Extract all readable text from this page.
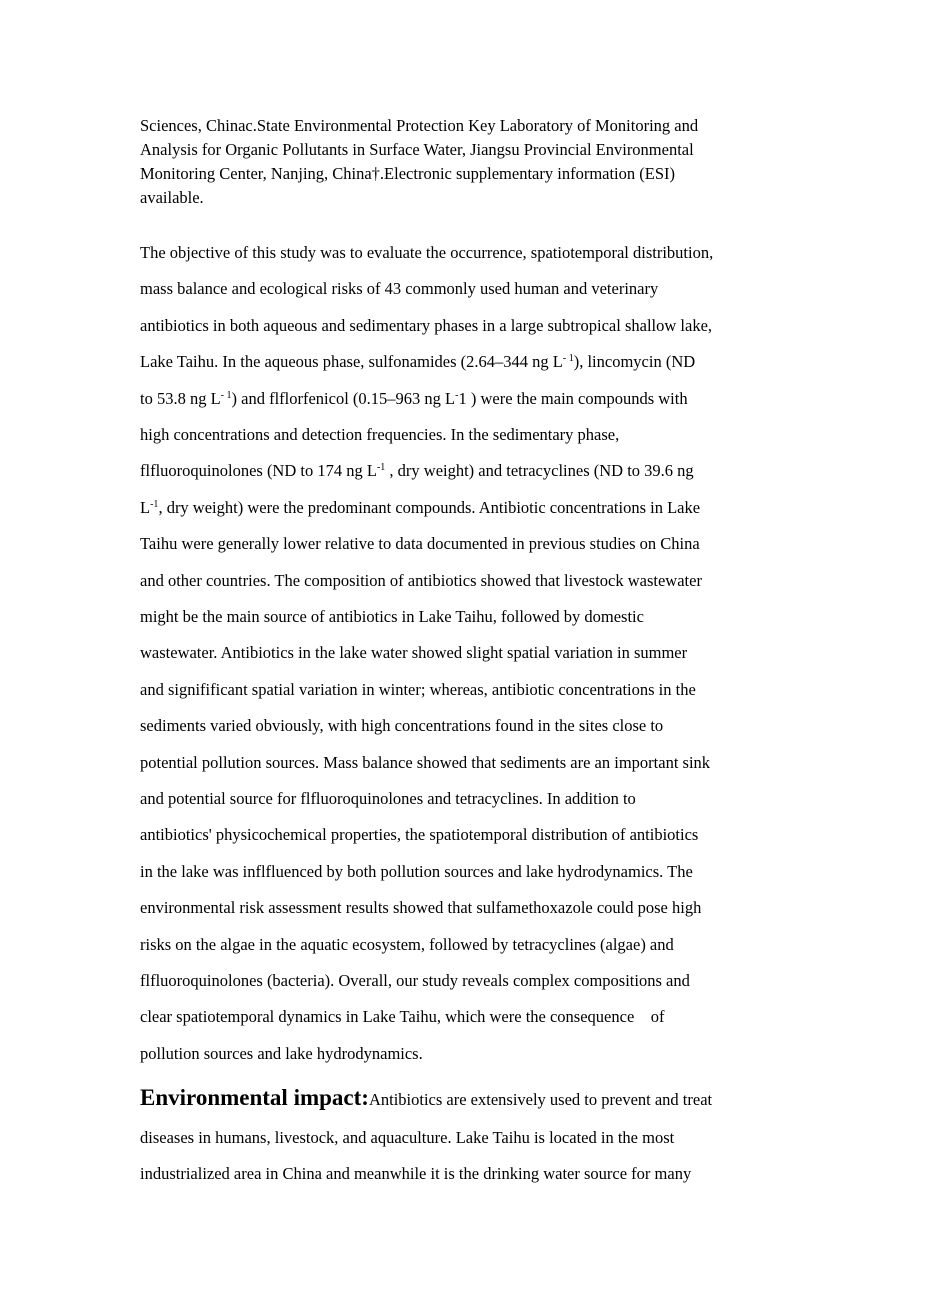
Sciences, Chinac.State Environmental Protection Key Laboratory of Monitoring and
Analysis for Organic Pollutants in Surface Water, Jiangsu Provincial Environmental
Monitoring Center, Nanjing, China†.Electronic supplementary information (ESI)
available.
The objective of this study was to evaluate the occurrence, spatiotemporal distribution,
mass balance and ecological risks of 43 commonly used human and veterinary
antibiotics in both aqueous and sedimentary phases in a large subtropical shallow lake,
Lake Taihu. In the aqueous phase, sulfonamides (2.64–344 ng $L^{- 1}$), lincomycin (ND
to 53.8 ng $L^{- 1}$) and flflorfenicol (0.15–963 ng L-1 ) were the main compounds with
high concentrations and detection frequencies. In the sedimentary phase,
flfluoroquinolones (ND to 174 ng $L^{-1}$ , dry weight) and tetracyclines (ND to 39.6 ng
$L^{-1}$, dry weight) were the predominant compounds. Antibiotic concentrations in Lake
Taihu were generally lower relative to data documented in previous studies on China
and other countries. The composition of antibiotics showed that livestock wastewater
might be the main source of antibiotics in Lake Taihu, followed by domestic
wastewater. Antibiotics in the lake water showed slight spatial variation in summer
and signifificant spatial variation in winter; whereas, antibiotic concentrations in the
sediments varied obviously, with high concentrations found in the sites close to
potential pollution sources. Mass balance showed that sediments are an important sink
and potential source for flfluoroquinolones and tetracyclines. In addition to
antibiotics' physicochemical properties, the spatiotemporal distribution of antibiotics
in the lake was inflfluenced by both pollution sources and lake hydrodynamics. The
environmental risk assessment results showed that sulfamethoxazole could pose high
risks on the algae in the aquatic ecosystem, followed by tetracyclines (algae) and
flfluoroquinolones (bacteria). Overall, our study reveals complex compositions and
clear spatiotemporal dynamics in Lake Taihu, which were the consequence    of
pollution sources and lake hydrodynamics.
Environmental impact:Antibiotics are extensively used to prevent and treat
diseases in humans, livestock, and aquaculture. Lake Taihu is located in the most
industrialized area in China and meanwhile it is the drinking water source for many
